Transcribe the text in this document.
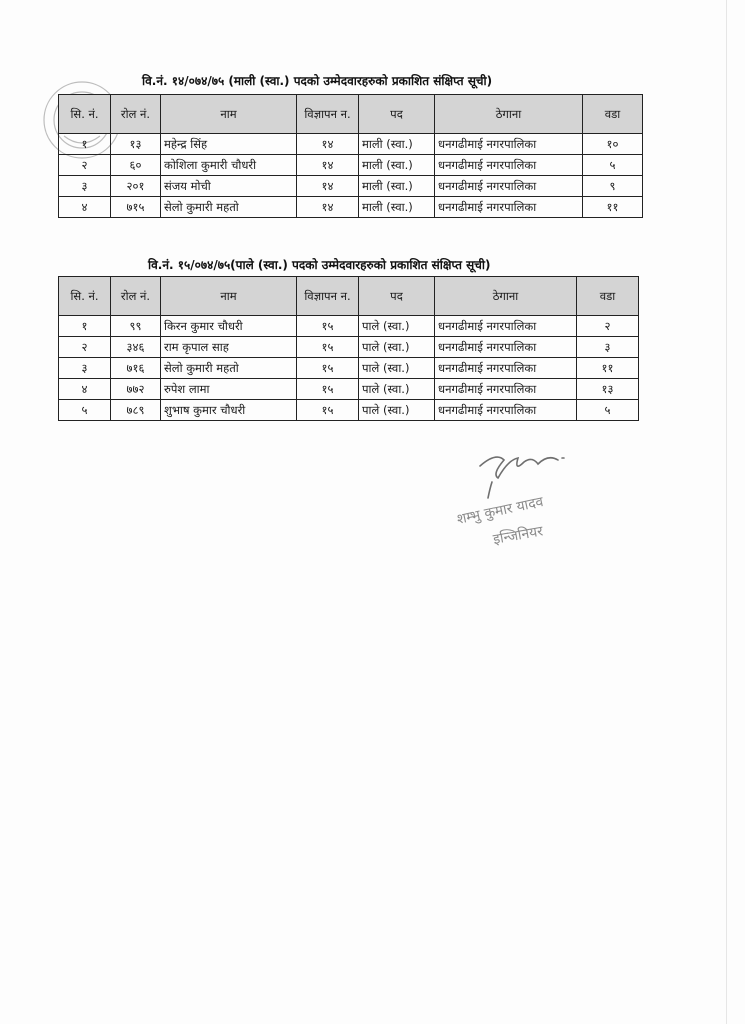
वि.नं. १४/०७४/७५ (माली (स्वा.) पदको उम्मेदवारहरुको प्रकाशित संक्षिप्त सूची)
सि. नं.	रोल नं.	नाम	विज्ञापन न.	पद	ठेगाना	वडा
१	१३	महेन्द्र सिंह	१४	माली (स्वा.)	धनगढीमाई नगरपालिका	१०
२	६०	कोशिला कुमारी चौधरी	१४	माली (स्वा.)	धनगढीमाई नगरपालिका	५
३	२०१	संजय मोची	१४	माली (स्वा.)	धनगढीमाई नगरपालिका	९
४	७१५	सेलो कुमारी महतो	१४	माली (स्वा.)	धनगढीमाई नगरपालिका	११
वि.नं. १५/०७४/७५(पाले (स्वा.) पदको उम्मेदवारहरुको प्रकाशित संक्षिप्त सूची)
सि. नं.	रोल नं.	नाम	विज्ञापन न.	पद	ठेगाना	वडा
१	९९	किरन कुमार चौधरी	१५	पाले (स्वा.)	धनगढीमाई नगरपालिका	२
२	३४६	राम कृपाल साह	१५	पाले (स्वा.)	धनगढीमाई नगरपालिका	३
३	७१६	सेलो कुमारी महतो	१५	पाले (स्वा.)	धनगढीमाई नगरपालिका	११
४	७७२	रुपेश लामा	१५	पाले (स्वा.)	धनगढीमाई नगरपालिका	१३
५	७८९	शुभाष कुमार चौधरी	१५	पाले (स्वा.)	धनगढीमाई नगरपालिका	५
शम्भु कुमार यादव
इन्जिनियर
